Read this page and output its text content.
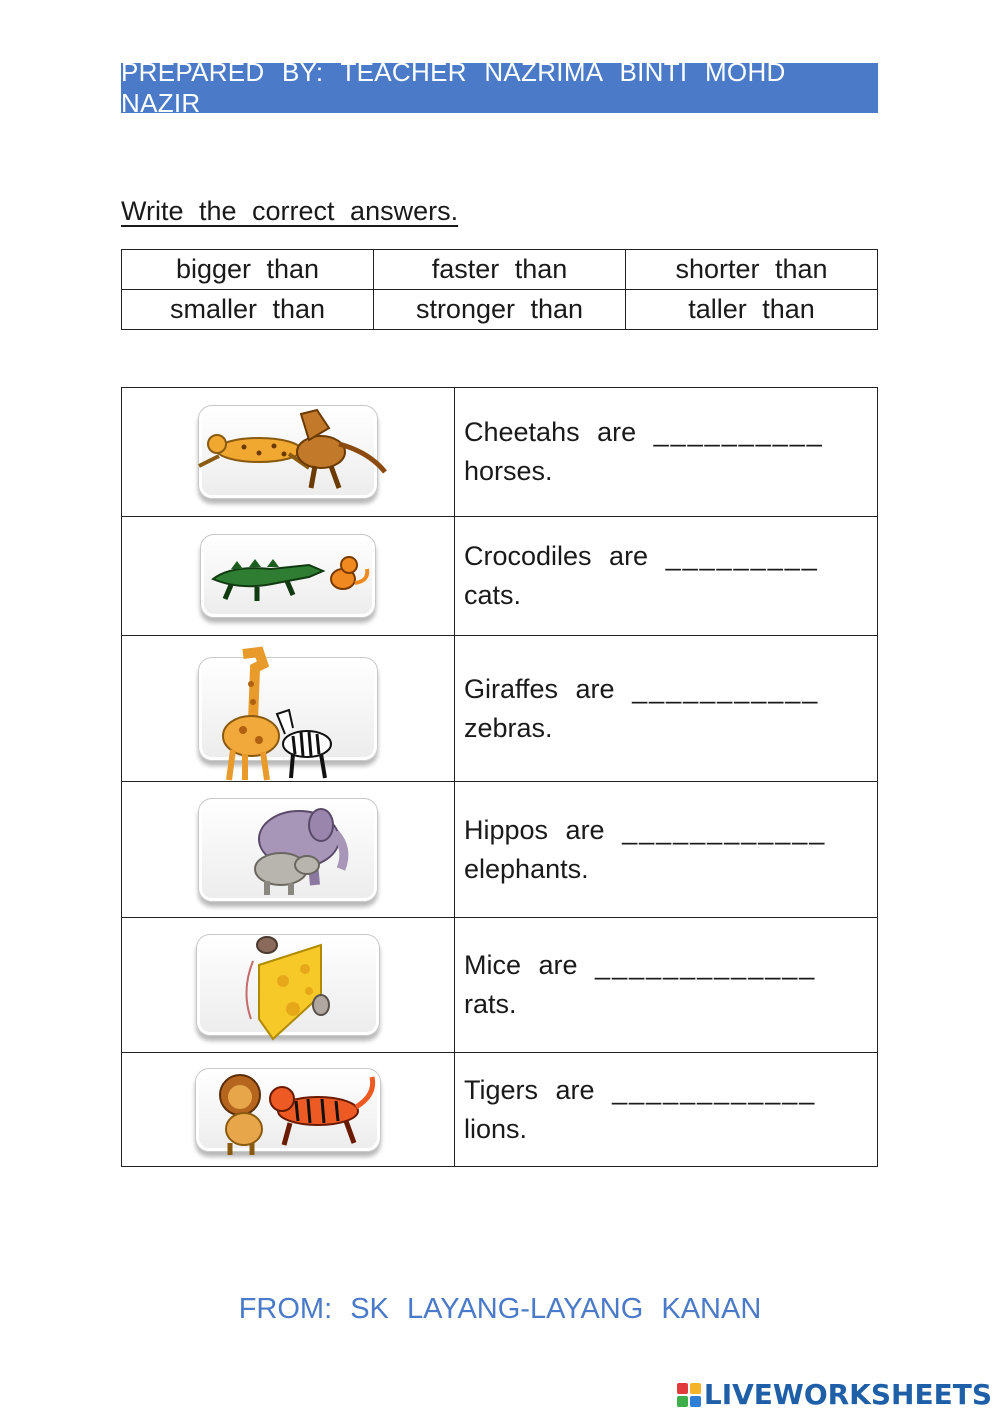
PREPARED BY: TEACHER NAZRIMA BINTI MOHD NAZIR
Write the correct answers.
bigger than	faster than	shorter than
smaller than	stronger than	taller than

Cheetahs are __________
horses.

Crocodiles are _________
cats.

Giraffes are ___________
zebras.

Hippos are ____________
elephants.

Mice are _____________
rats.

Tigers are ____________
lions.
FROM: SK LAYANG-LAYANG KANAN
LIVEWORKSHEETS
